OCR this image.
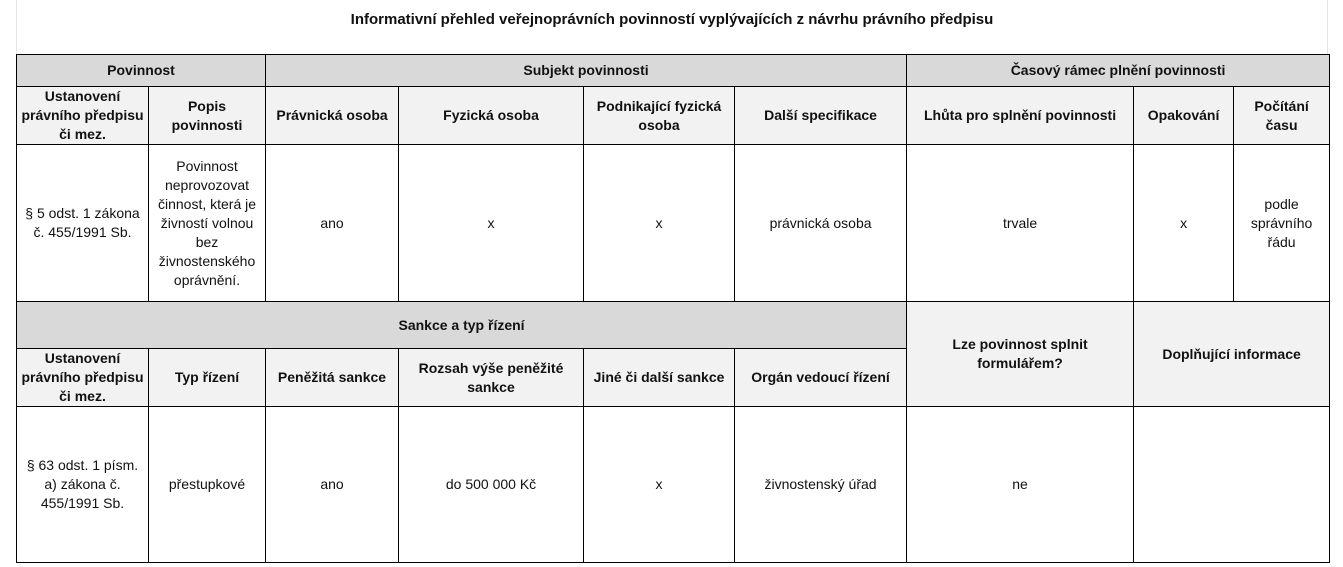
Informativní přehled veřejnoprávních povinností vyplývajících z návrhu právního předpisu
Povinnost		Subjekt povinnosti				Časový rámec plnění povinnosti		
Ustanovení právního předpisu či mez.	Popis povinnosti	Právnická osoba	Fyzická osoba	Podnikající fyzická osoba	Další specifikace	Lhůta pro splnění povinnosti	Opakování	Počítání času
§ 5 odst. 1 zákona č. 455/1991 Sb.	Povinnost neprovozovat činnost, která je živností volnou bez živnostenského oprávnění.	ano	x	x	právnická osoba	trvale	x	podle správního řádu
Sankce a typ řízení						Lze povinnost splnit formulářem?	Doplňující informace	
Ustanovení právního předpisu či mez.	Typ řízení	Peněžitá sankce	Rozsah výše peněžité sankce	Jiné či další sankce	Orgán vedoucí řízení			
§ 63 odst. 1 písm. a) zákona č. 455/1991 Sb.	přestupkové	ano	do 500 000 Kč	x	živnostenský úřad	ne		
